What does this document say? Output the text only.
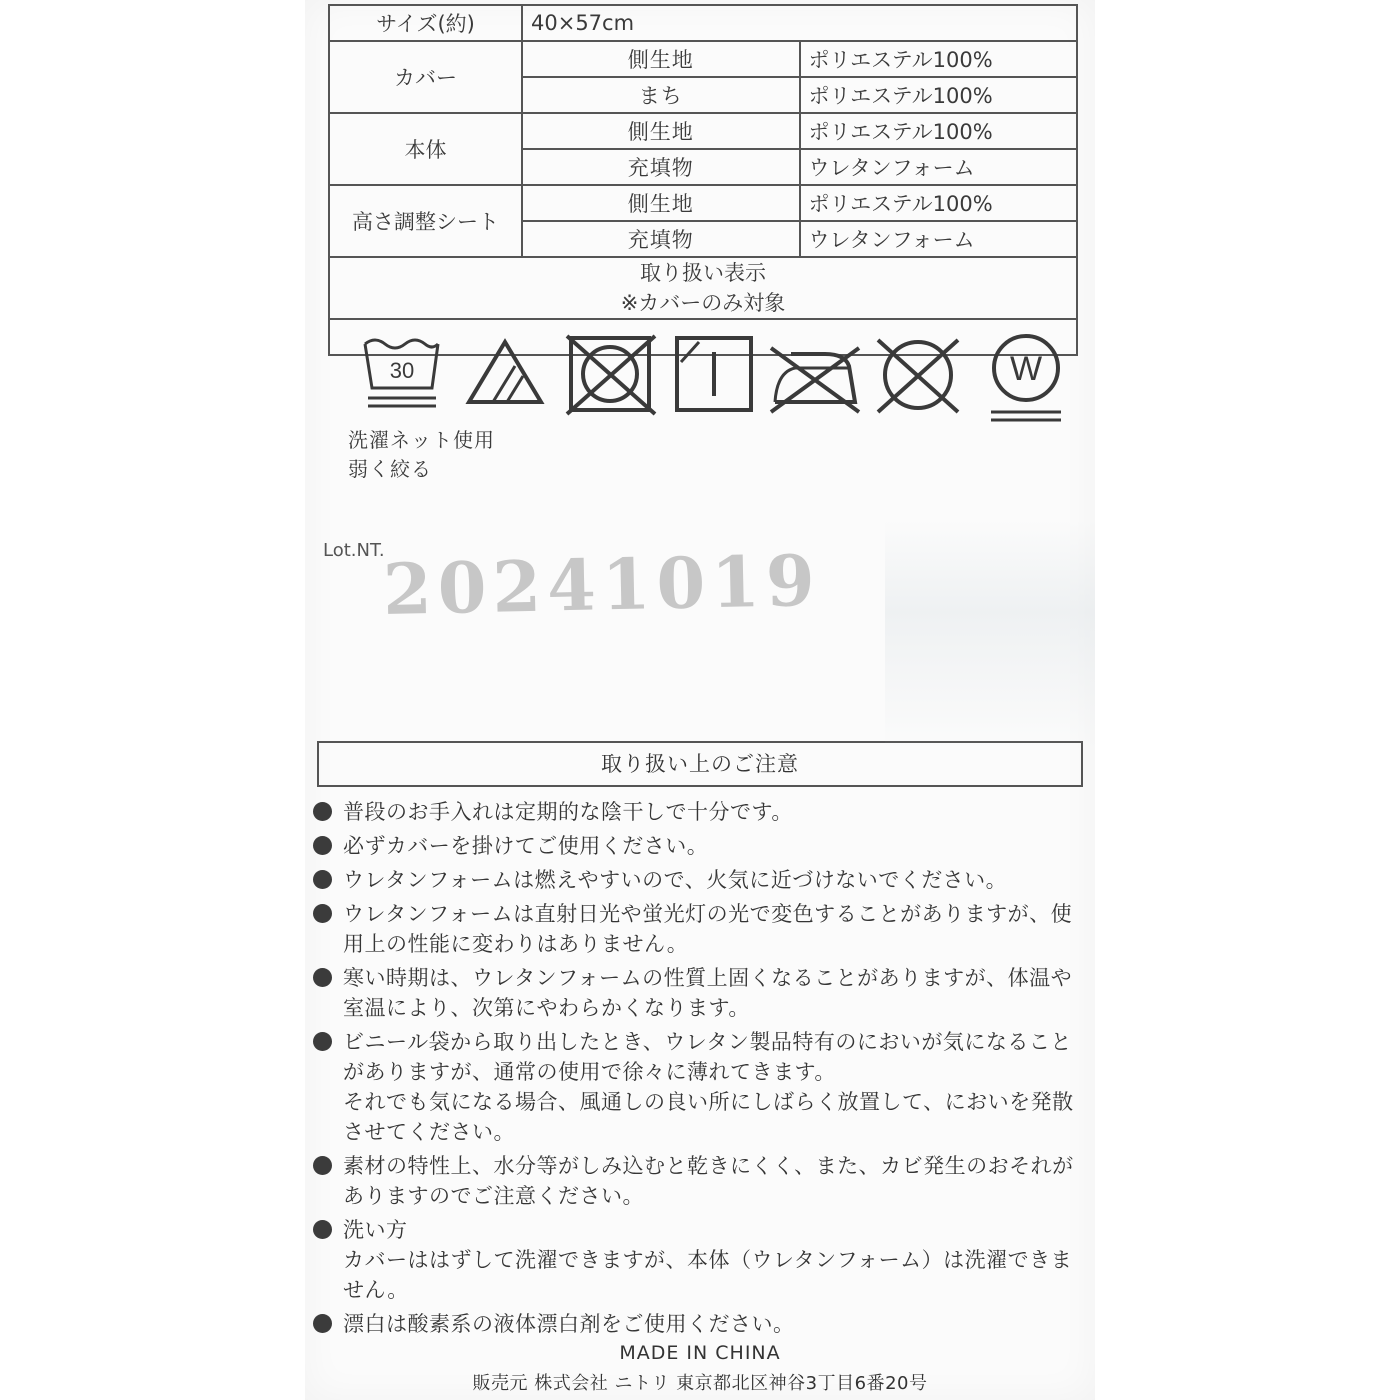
サイズ(約)	40×57cm	
カバー	側生地	ポリエステル100%
	まち	ポリエステル100%
本体	側生地	ポリエステル100%
	充填物	ウレタンフォーム
高さ調整シート	側生地	ポリエステル100%
	充填物	ウレタンフォーム

取り扱い表示
※カバーのみ対象		

30 W
洗濯ネット使用
弱く絞る		
Lot.NT.
20241019
取り扱い上のご注意
普段のお手入れは定期的な陰干しで十分です。
必ずカバーを掛けてご使用ください。
ウレタンフォームは燃えやすいので、火気に近づけないでください。
ウレタンフォームは直射日光や蛍光灯の光で変色することがありますが、使用上の性能に変わりはありません。
寒い時期は、ウレタンフォームの性質上固くなることがありますが、体温や室温により、次第にやわらかくなります。
ビニール袋から取り出したとき、ウレタン製品特有のにおいが気になることがありますが、通常の使用で徐々に薄れてきます。
それでも気になる場合、風通しの良い所にしばらく放置して、においを発散させてください。
素材の特性上、水分等がしみ込むと乾きにくく、また、カビ発生のおそれがありますのでご注意ください。
洗い方
カバーははずして洗濯できますが、本体（ウレタンフォーム）は洗濯できません。
漂白は酸素系の液体漂白剤をご使用ください。
MADE IN CHINA
販売元 株式会社 ニトリ 東京都北区神谷3丁目6番20号
